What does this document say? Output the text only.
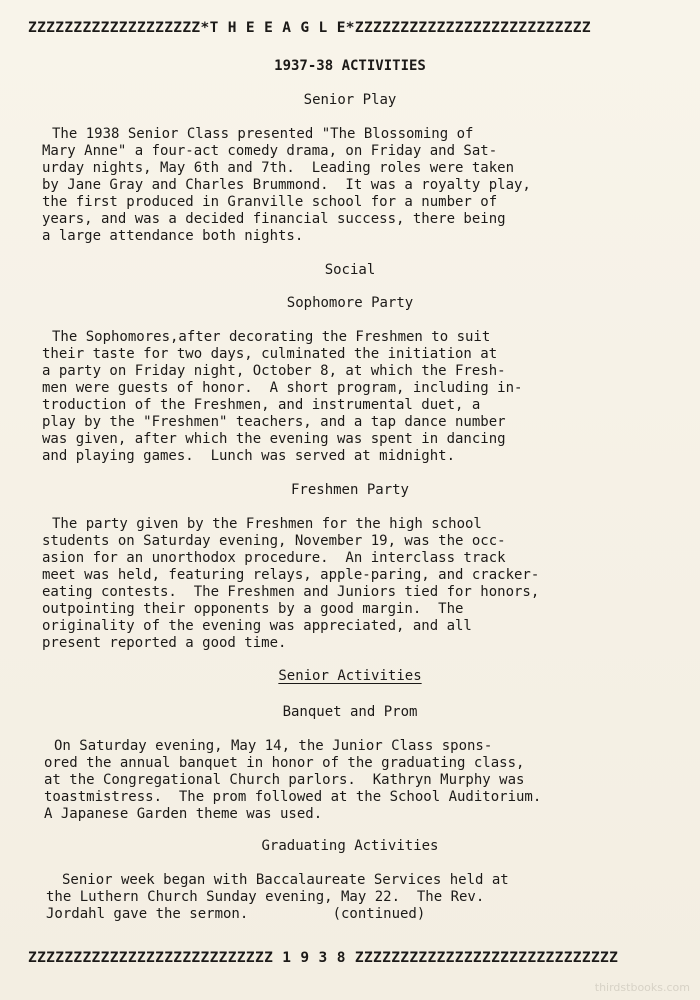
ZZZZZZZZZZZZZZZZZZZ*T H E E A G L E*ZZZZZZZZZZZZZZZZZZZZZZZZZZ
1937-38 ACTIVITIES
Senior Play
The 1938 Senior Class presented "The Blossoming of
Mary Anne" a four-act comedy drama, on Friday and Sat-
urday nights, May 6th and 7th.  Leading roles were taken
by Jane Gray and Charles Brummond.  It was a royalty play,
the first produced in Granville school for a number of
years, and was a decided financial success, there being
a large attendance both nights.
Social
Sophomore Party
The Sophomores,after decorating the Freshmen to suit
their taste for two days, culminated the initiation at
a party on Friday night, October 8, at which the Fresh-
men were guests of honor.  A short program, including in-
troduction of the Freshmen, and instrumental duet, a
play by the "Freshmen" teachers, and a tap dance number
was given, after which the evening was spent in dancing
and playing games.  Lunch was served at midnight.
Freshmen Party
The party given by the Freshmen for the high school
students on Saturday evening, November 19, was the occ-
asion for an unorthodox procedure.  An interclass track
meet was held, featuring relays, apple-paring, and cracker-
eating contests.  The Freshmen and Juniors tied for honors,
outpointing their opponents by a good margin.  The
originality of the evening was appreciated, and all
present reported a good time.
Senior Activities
Banquet and Prom
On Saturday evening, May 14, the Junior Class spons-
ored the annual banquet in honor of the graduating class,
at the Congregational Church parlors.  Kathryn Murphy was
toastmistress.  The prom followed at the School Auditorium.
A Japanese Garden theme was used.
Graduating Activities
Senior week began with Baccalaureate Services held at
the Luthern Church Sunday evening, May 22.  The Rev.
Jordahl gave the sermon.          (continued)
ZZZZZZZZZZZZZZZZZZZZZZZZZZZ 1 9 3 8 ZZZZZZZZZZZZZZZZZZZZZZZZZZZZZ
thirdstbooks.com
